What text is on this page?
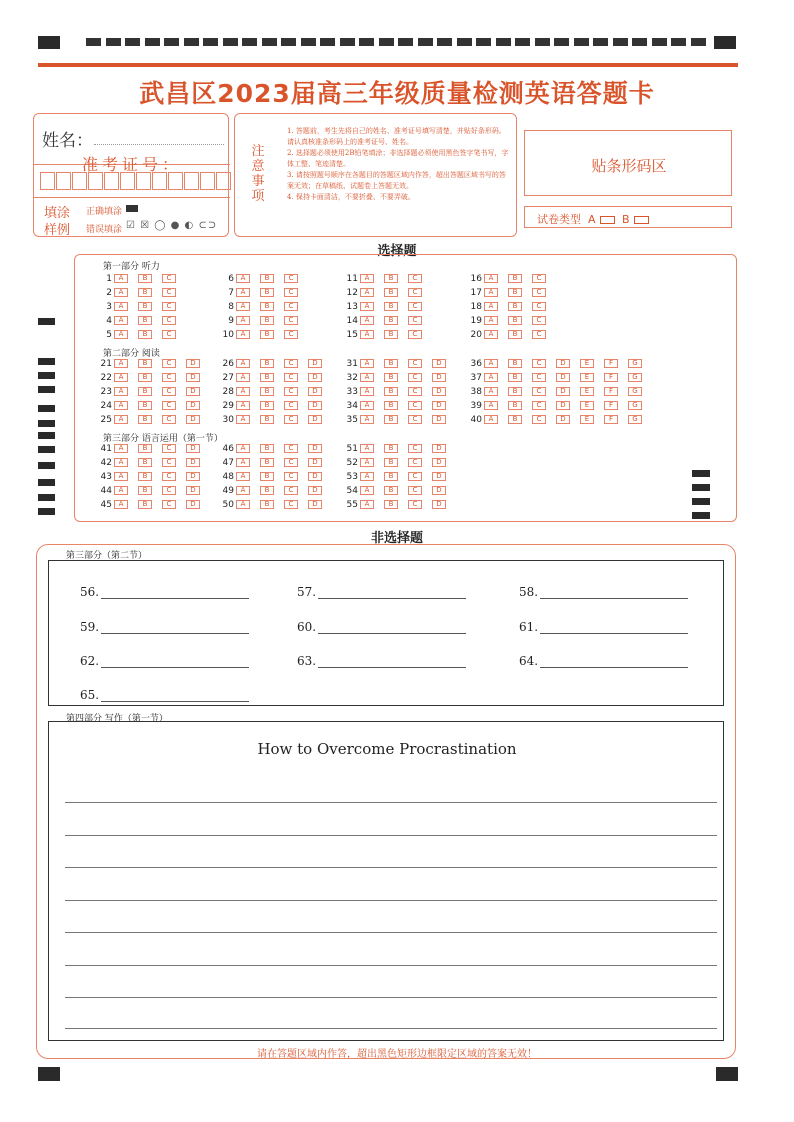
武昌区2023届高三年级质量检测英语答题卡
姓名：
准考证号：
填涂
样例
正确填涂
错误填涂 ☑ ☒ ◯ ● ◐ ⊂⊃
注意事项
1. 答题前，考生先将自己的姓名、准考证号填写清楚，并贴好条形码。请认真核准条形码上的准考证号、姓名。
2. 选择题必须使用2B铅笔填涂；非选择题必须使用黑色签字笔书写，字体工整、笔迹清楚。
3. 请按照题号顺序在各题目的答题区域内作答，超出答题区域书写的答案无效；在草稿纸、试题卷上答题无效。
4. 保持卡面清洁，不要折叠、不要弄破。
贴条形码区
试卷类型 A B
选择题
第一部分 听力
第二部分 阅读
第三部分 语言运用（第一节）
1 A	B	C
2 A	B	C
3 A	B	C
4 A	B	C
5 A	B	C
6 A	B	C
7 A	B	C
8 A	B	C
9 A	B	C
10 A	B	C
11 A	B	C
12 A	B	C
13 A	B	C
14 A	B	C
15 A	B	C
16 A	B	C
17 A	B	C
18 A	B	C
19 A	B	C
20 A	B	C
21 A	B	C	D
22 A	B	C	D
23 A	B	C	D
24 A	B	C	D
25 A	B	C	D
26 A	B	C	D
27 A	B	C	D
28 A	B	C	D
29 A	B	C	D
30 A	B	C	D
31 A	B	C	D
32 A	B	C	D
33 A	B	C	D
34 A	B	C	D
35 A	B	C	D
36 A	B	C	D	E	F	G
37 A	B	C	D	E	F	G
38 A	B	C	D	E	F	G
39 A	B	C	D	E	F	G
40 A	B	C	D	E	F	G
41 A	B	C	D
42 A	B	C	D
43 A	B	C	D
44 A	B	C	D
45 A	B	C	D
46 A	B	C	D
47 A	B	C	D
48 A	B	C	D
49 A	B	C	D
50 A	B	C	D
51 A	B	C	D
52 A	B	C	D
53 A	B	C	D
54 A	B	C	D
55 A	B	C	D
非选择题
第三部分（第二节）
56.	57.	58.
59.	60.	61.
62.	63.	64.
65.
第四部分 写作（第一节）
How to Overcome Procrastination
请在答题区域内作答，超出黑色矩形边框限定区域的答案无效！
